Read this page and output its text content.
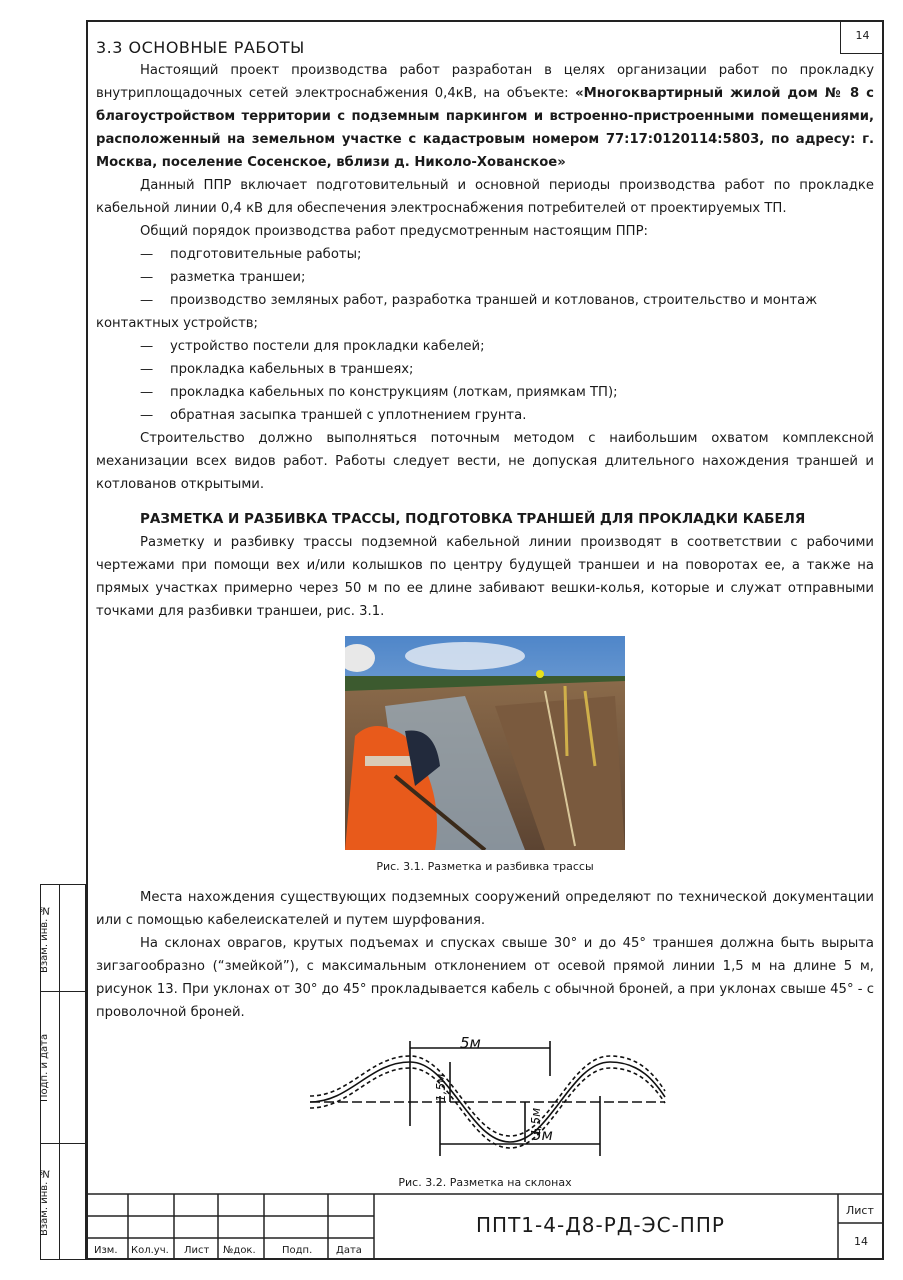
14

3.3 ОСНОВНЫЕ РАБОТЫ

Настоящий проект производства работ разработан в целях организации работ по прокладку внутриплощадочных сетей электроснабжения 0,4кВ, на объекте: «Многоквартирный жилой дом № 8 с благоустройством территории с подземным паркингом и встроенно-пристроенными помещениями, расположенный на земельном участке с кадастровым номером 77:17:0120114:5803, по адресу: г. Москва, поселение Сосенское, вблизи д. Николо-Хованское»

Данный ППР включает подготовительный и основной периоды производства работ по прокладке кабельной линии 0,4 кВ для обеспечения электроснабжения потребителей от проектируемых ТП.

Общий порядок производства работ предусмотренным настоящим ППР:

— подготовительные работы;

— разметка траншеи;

— производство земляных работ, разработка траншей и котлованов, строительство и монтаж

контактных устройств;

— устройство постели для прокладки кабелей;

— прокладка кабельных в траншеях;

— прокладка кабельных по конструкциям (лоткам, приямкам ТП);

— обратная засыпка траншей с уплотнением грунта.

Строительство должно выполняться поточным методом с наибольшим охватом комплексной механизации всех видов работ. Работы следует вести, не допуская длительного нахождения траншей и котлованов открытыми.

РАЗМЕТКА И РАЗБИВКА ТРАССЫ, ПОДГОТОВКА ТРАНШЕЙ ДЛЯ ПРОКЛАДКИ КАБЕЛЯ

Разметку и разбивку трассы подземной кабельной линии производят в соответствии с рабочими чертежами при помощи вех и/или колышков по центру будущей траншеи и на поворотах ее, а также на прямых участках примерно через 50 м по ее длине забивают вешки-колья, которые и служат отправными точками для разбивки траншеи, рис. 3.1.

Рис. 3.1. Разметка и разбивка трассы

Места нахождения существующих подземных сооружений определяют по технической документации или с помощью кабелеискателей и путем шурфования.

На склонах оврагов, крутых подъемах и спусках свыше 30° и до 45° траншея должна быть вырыта зигзагообразно (“змейкой”), с максимальным отклонением от осевой прямой линии 1,5 м на длине 5 м, рисунок 13. При уклонах от 30° до 45° прокладывается кабель с обычной броней, а при уклонах свыше 45° - с проволочной броней.

5м
5м
1,5м
1,5м
Рис. 3.2. Разметка на склонах
Взам. инв. №
Подп. и дата
Взам. инв. №
Изм. Кол.уч. Лист №док.	Подп. Дата
ППТ1-4-Д8-РД-ЭС-ППР
Лист
14
